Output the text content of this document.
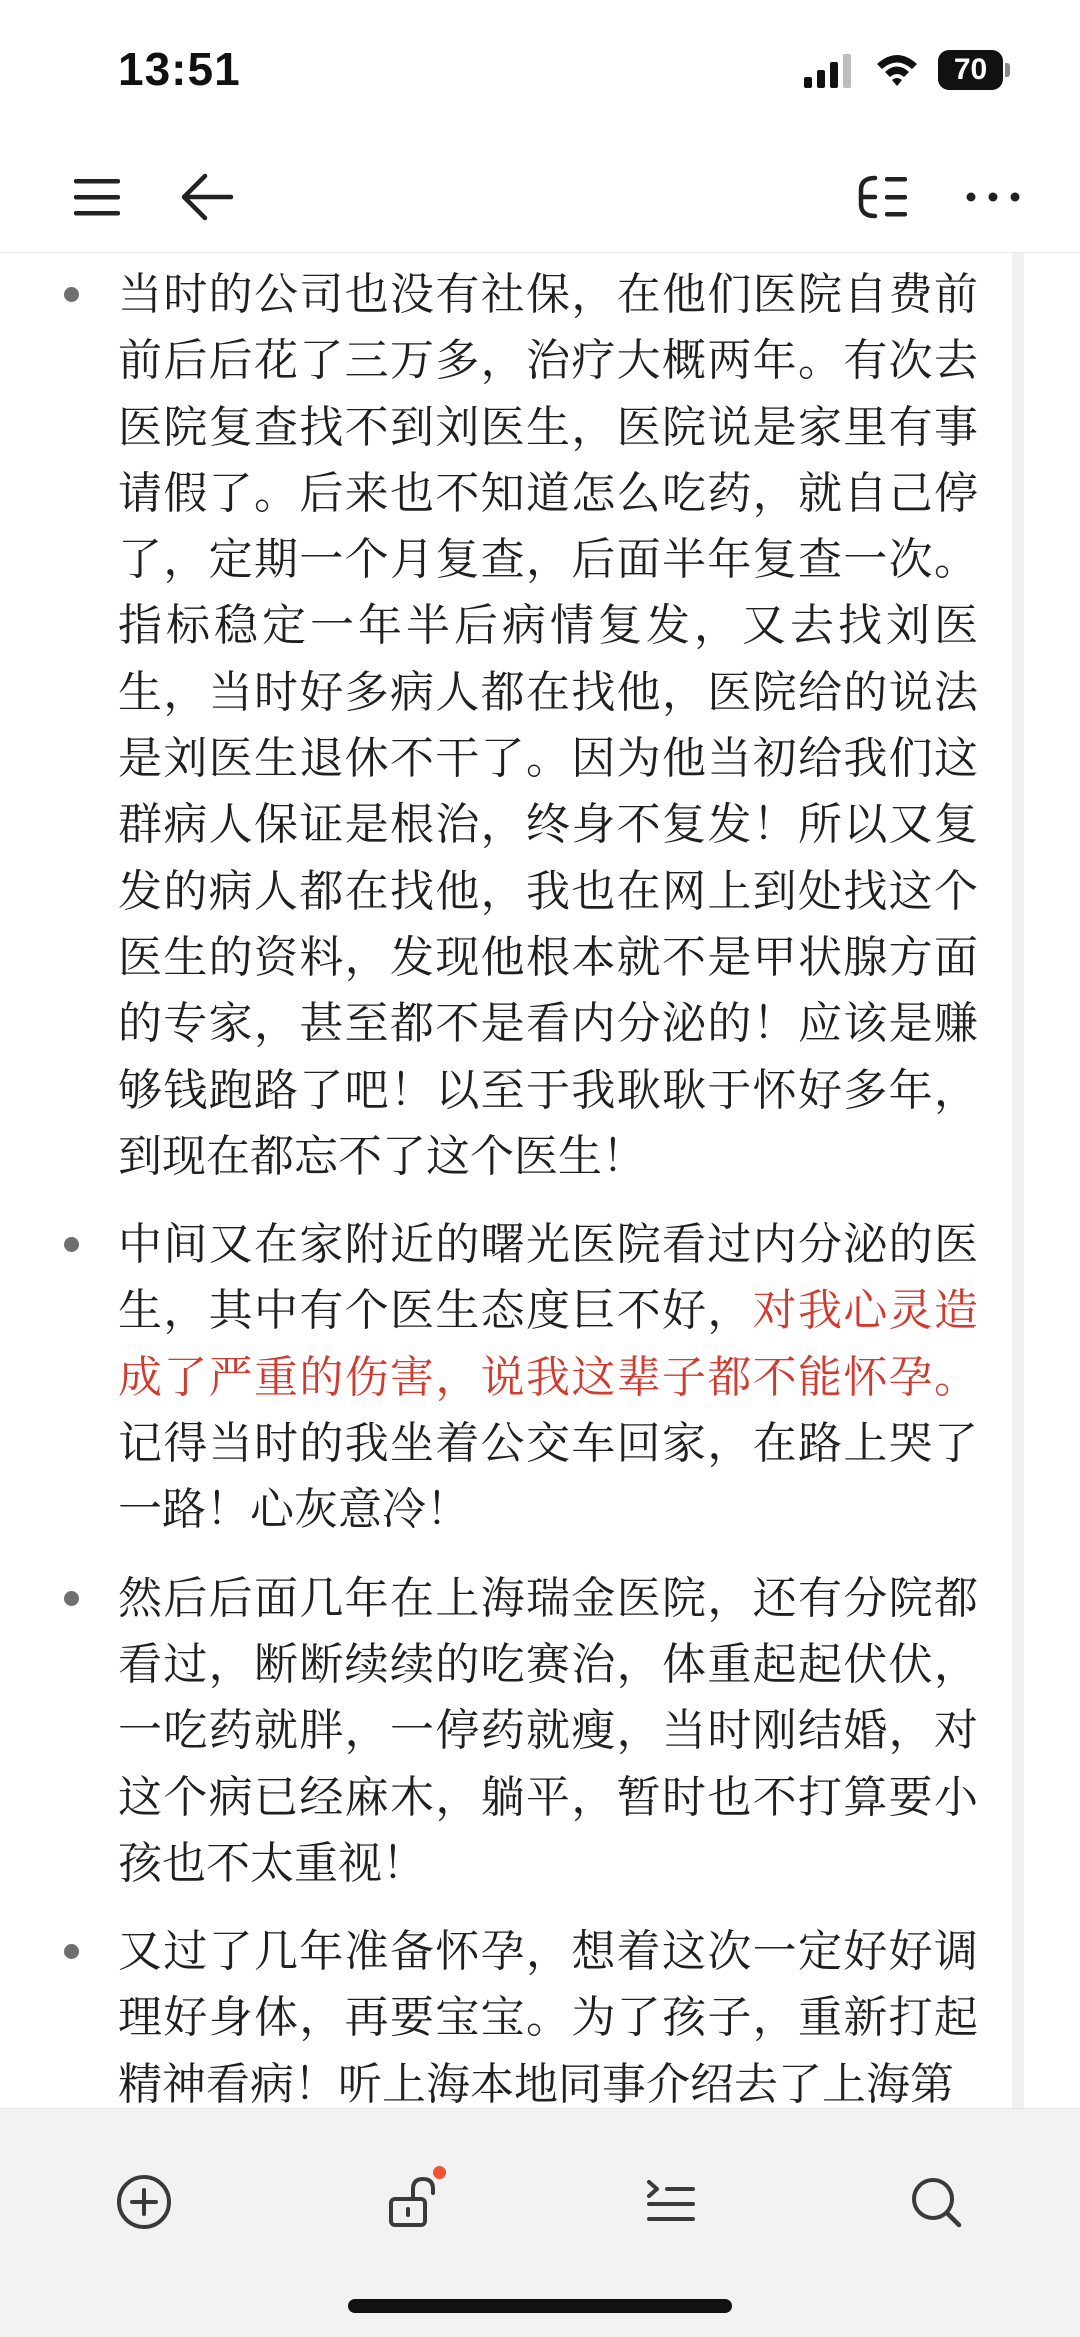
13:51	70
当时的公司也没有社保，在他们医院自费前前后后花了三万多，治疗大概两年。有次去医院复查找不到刘医生，医院说是家里有事请假了。后来也不知道怎么吃药，就自己停了，定期一个月复查，后面半年复查一次。指标稳定一年半后病情复发，又去找刘医生，当时好多病人都在找他，医院给的说法是刘医生退休不干了。因为他当初给我们这群病人保证是根治，终身不复发！所以又复发的病人都在找他，我也在网上到处找这个医生的资料，发现他根本就不是甲状腺方面的专家，甚至都不是看内分泌的！应该是赚够钱跑路了吧！以至于我耿耿于怀好多年，到现在都忘不了这个医生！
中间又在家附近的曙光医院看过内分泌的医生，其中有个医生态度巨不好，对我心灵造成了严重的伤害，说我这辈子都不能怀孕。记得当时的我坐着公交车回家，在路上哭了一路！心灰意冷！
然后后面几年在上海瑞金医院，还有分院都看过，断断续续的吃赛治，体重起起伏伏，一吃药就胖，一停药就瘦，当时刚结婚，对这个病已经麻木，躺平，暂时也不打算要小孩也不太重视！
又过了几年准备怀孕，想着这次一定好好调理好身体，再要宝宝。为了孩子，重新打起精神看病！听上海本地同事介绍去了上海第
